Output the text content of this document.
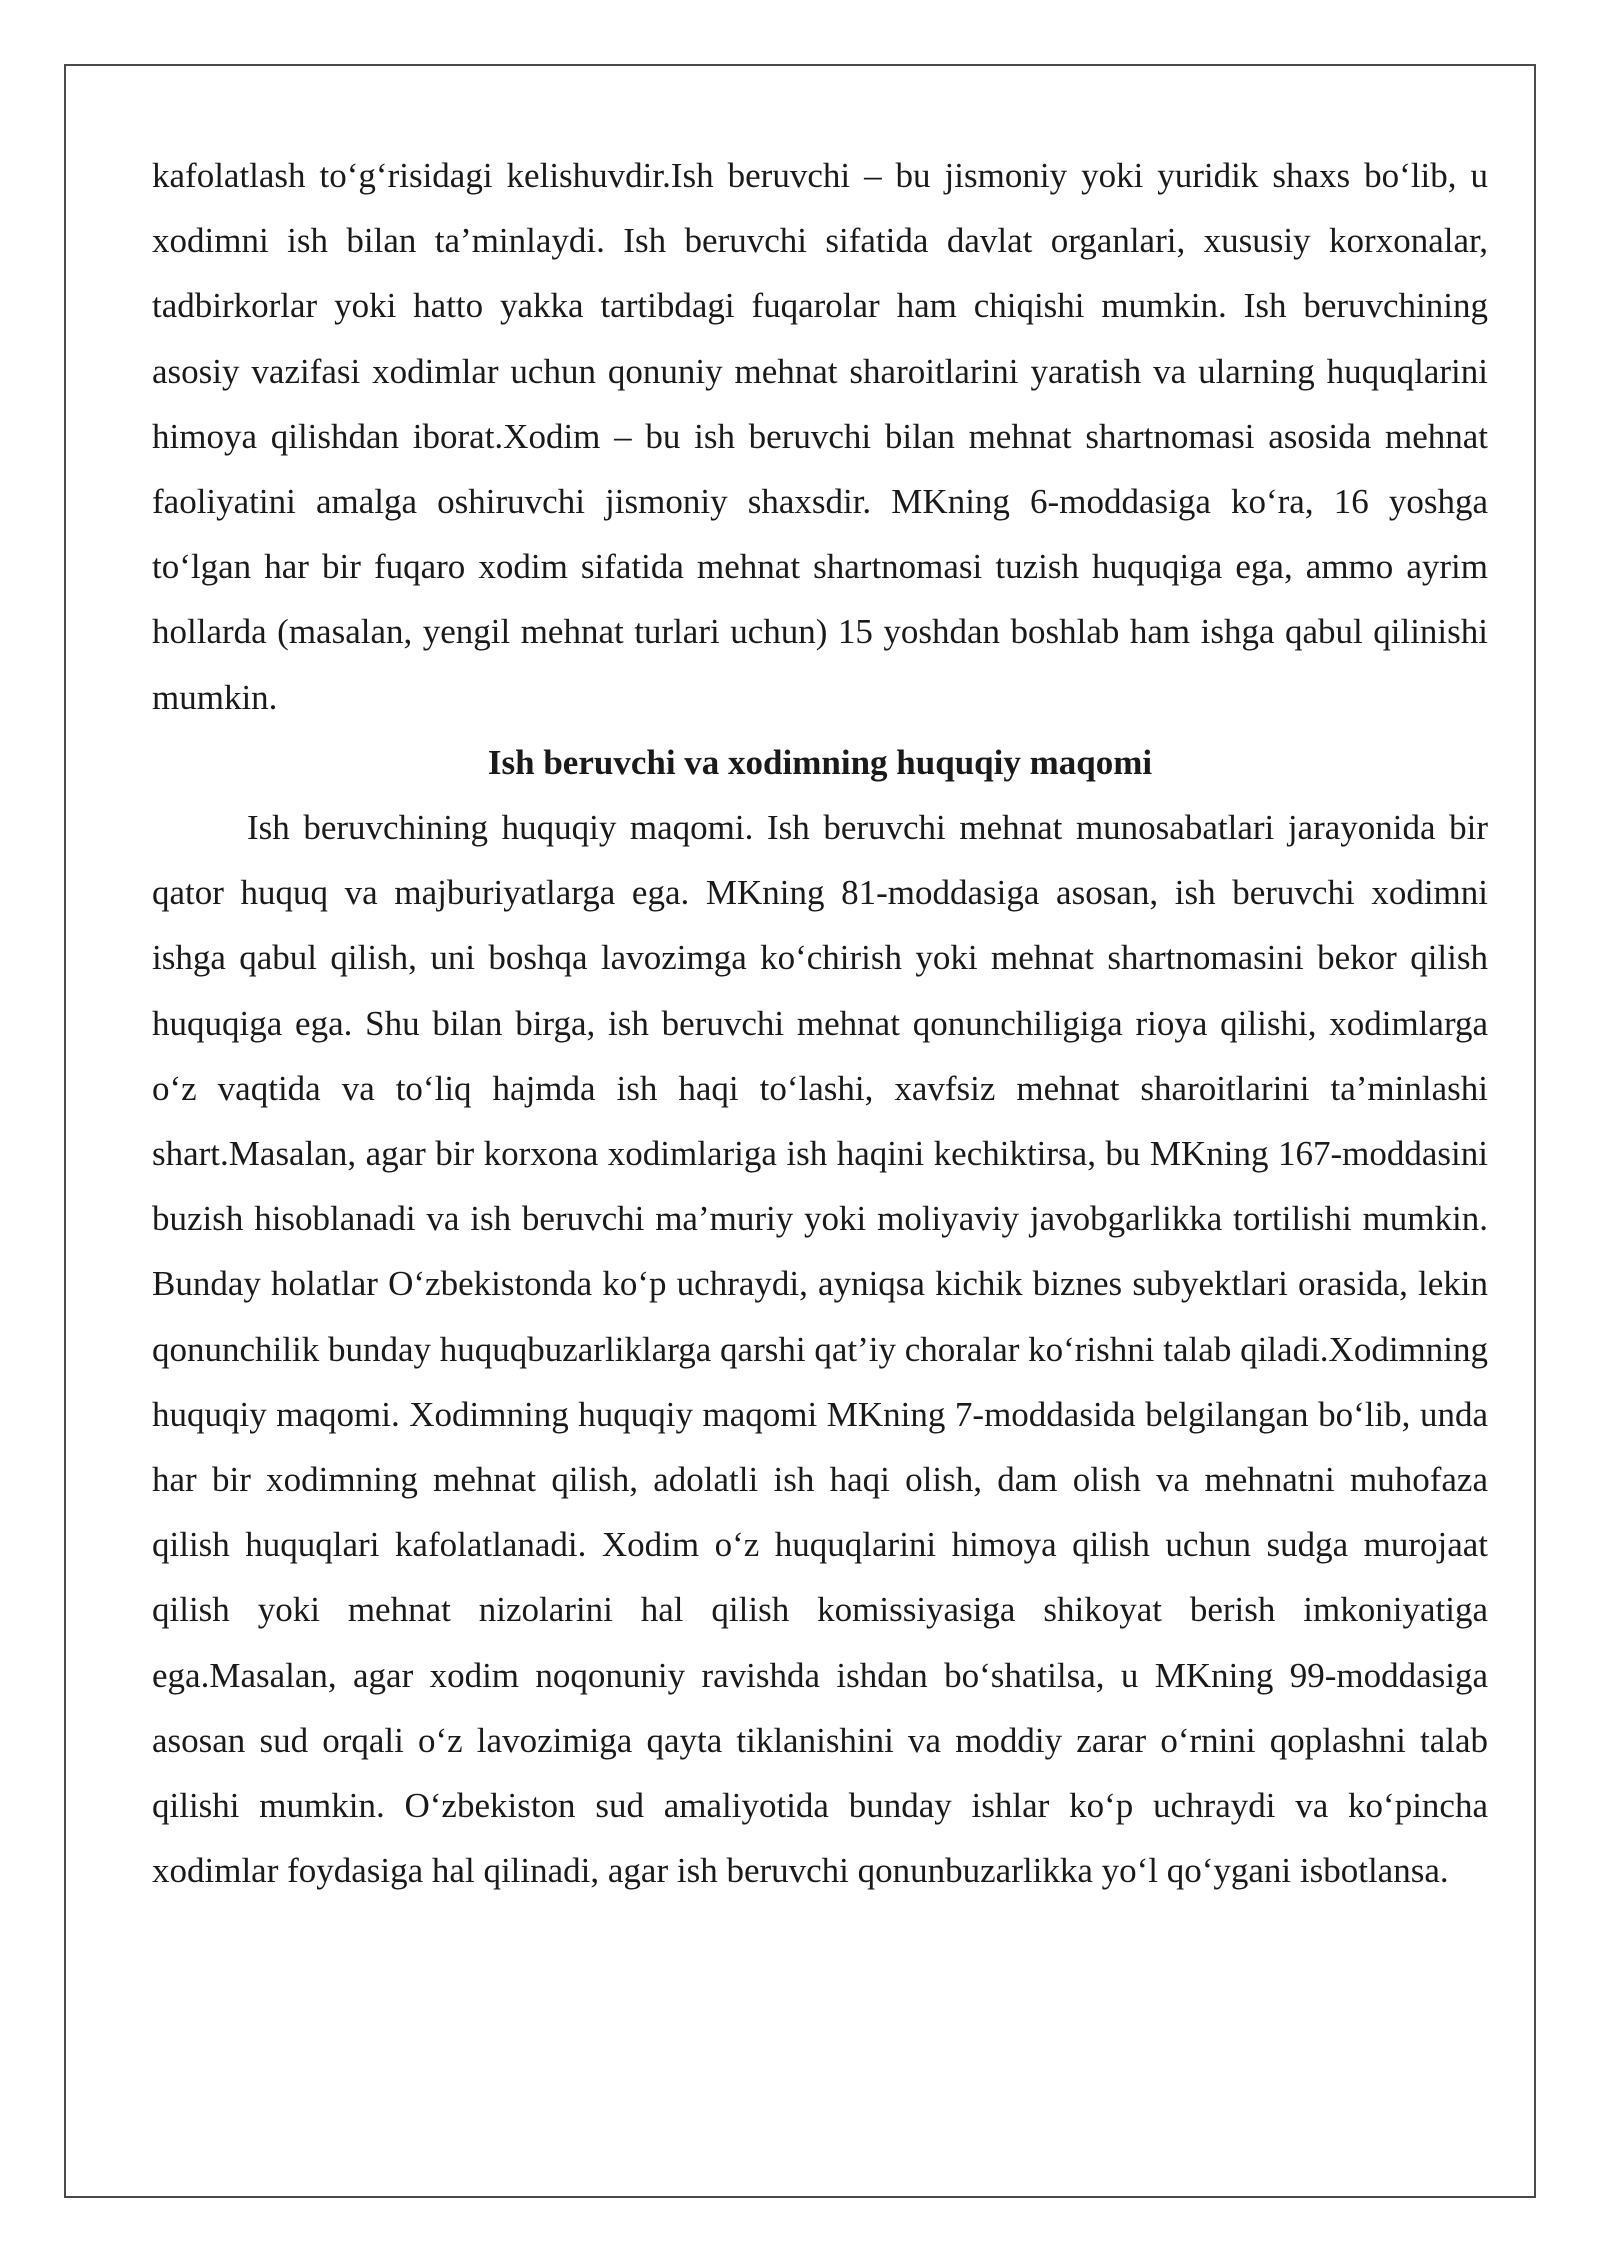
kafolatlash to‘g‘risidagi kelishuvdir.Ish beruvchi – bu jismoniy yoki yuridik shaxs bo‘lib, u xodimni ish bilan ta’minlaydi. Ish beruvchi sifatida davlat organlari, xususiy korxonalar, tadbirkorlar yoki hatto yakka tartibdagi fuqarolar ham chiqishi mumkin. Ish beruvchining asosiy vazifasi xodimlar uchun qonuniy mehnat sharoitlarini yaratish va ularning huquqlarini himoya qilishdan iborat.Xodim – bu ish beruvchi bilan mehnat shartnomasi asosida mehnat faoliyatini amalga oshiruvchi jismoniy shaxsdir. MKning 6-moddasiga ko‘ra, 16 yoshga to‘lgan har bir fuqaro xodim sifatida mehnat shartnomasi tuzish huquqiga ega, ammo ayrim hollarda (masalan, yengil mehnat turlari uchun) 15 yoshdan boshlab ham ishga qabul qilinishi mumkin.

Ish beruvchi va xodimning huquqiy maqomi

Ish beruvchining huquqiy maqomi. Ish beruvchi mehnat munosabatlari jarayonida bir qator huquq va majburiyatlarga ega. MKning 81-moddasiga asosan, ish beruvchi xodimni ishga qabul qilish, uni boshqa lavozimga ko‘chirish yoki mehnat shartnomasini bekor qilish huquqiga ega. Shu bilan birga, ish beruvchi mehnat qonunchiligiga rioya qilishi, xodimlarga o‘z vaqtida va to‘liq hajmda ish haqi to‘lashi, xavfsiz mehnat sharoitlarini ta’minlashi shart.Masalan, agar bir korxona xodimlariga ish haqini kechiktirsa, bu MKning 167-moddasini buzish hisoblanadi va ish beruvchi ma’muriy yoki moliyaviy javobgarlikka tortilishi mumkin. Bunday holatlar O‘zbekistonda ko‘p uchraydi, ayniqsa kichik biznes subyektlari orasida, lekin qonunchilik bunday huquqbuzarliklarga qarshi qat’iy choralar ko‘rishni talab qiladi.Xodimning huquqiy maqomi. Xodimning huquqiy maqomi MKning 7-moddasida belgilangan bo‘lib, unda har bir xodimning mehnat qilish, adolatli ish haqi olish, dam olish va mehnatni muhofaza qilish huquqlari kafolatlanadi. Xodim o‘z huquqlarini himoya qilish uchun sudga murojaat qilish yoki mehnat nizolarini hal qilish komissiyasiga shikoyat berish imkoniyatiga ega.Masalan, agar xodim noqonuniy ravishda ishdan bo‘shatilsa, u MKning 99-moddasiga asosan sud orqali o‘z lavozimiga qayta tiklanishini va moddiy zarar o‘rnini qoplashni talab qilishi mumkin. O‘zbekiston sud amaliyotida bunday ishlar ko‘p uchraydi va ko‘pincha xodimlar foydasiga hal qilinadi, agar ish beruvchi qonunbuzarlikka yo‘l qo‘ygani isbotlansa.
